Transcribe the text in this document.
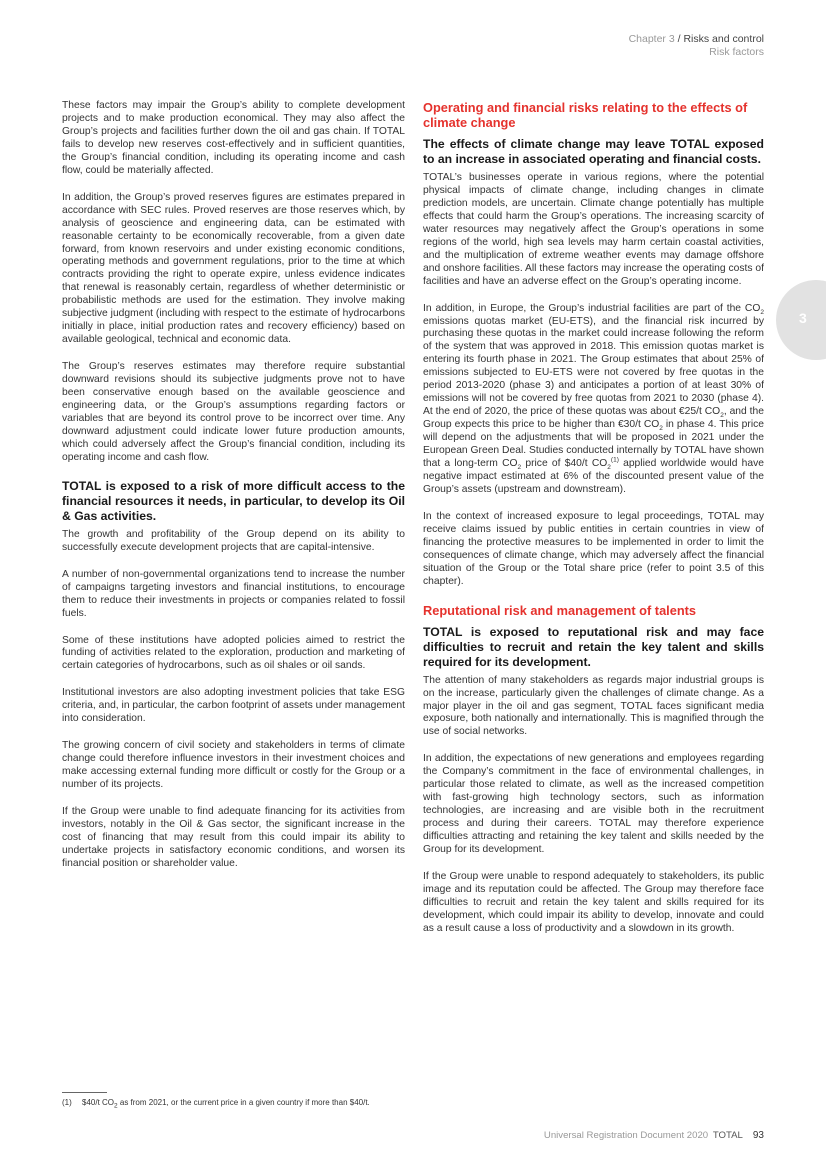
Chapter 3 / Risks and control
Risk factors
3

These factors may impair the Group’s ability to complete development projects and to make production economical. They may also affect the Group’s projects and facilities further down the oil and gas chain. If TOTAL fails to develop new reserves cost-effectively and in sufficient quantities, the Group’s financial condition, including its operating income and cash flow, could be materially affected.

In addition, the Group’s proved reserves figures are estimates prepared in accordance with SEC rules. Proved reserves are those reserves which, by analysis of geoscience and engineering data, can be estimated with reasonable certainty to be economically recoverable, from a given date forward, from known reservoirs and under existing economic conditions, operating methods and government regulations, prior to the time at which contracts providing the right to operate expire, unless evidence indicates that renewal is reasonably certain, regardless of whether deterministic or probabilistic methods are used for the estimation. They involve making subjective judgment (including with respect to the estimate of hydrocarbons initially in place, initial production rates and recovery efficiency) based on available geological, technical and economic data.

The Group’s reserves estimates may therefore require substantial downward revisions should its subjective judgments prove not to have been conservative enough based on the available geoscience and engineering data, or the Group’s assumptions regarding factors or variables that are beyond its control prove to be incorrect over time. Any downward adjustment could indicate lower future production amounts, which could adversely affect the Group’s financial condition, including its operating income and cash flow.

TOTAL is exposed to a risk of more difficult access to the financial resources it needs, in particular, to develop its Oil & Gas activities.

The growth and profitability of the Group depend on its ability to successfully execute development projects that are capital-intensive.

A number of non-governmental organizations tend to increase the number of campaigns targeting investors and financial institutions, to encourage them to reduce their investments in projects or companies related to fossil fuels.

Some of these institutions have adopted policies aimed to restrict the funding of activities related to the exploration, production and marketing of certain categories of hydrocarbons, such as oil shales or oil sands.

Institutional investors are also adopting investment policies that take ESG criteria, and, in particular, the carbon footprint of assets under management into consideration.

The growing concern of civil society and stakeholders in terms of climate change could therefore influence investors in their investment choices and make accessing external funding more difficult or costly for the Group or a number of its projects.

If the Group were unable to find adequate financing for its activities from investors, notably in the Oil & Gas sector, the significant increase in the cost of financing that may result from this could impair its ability to undertake projects in satisfactory economic conditions, and worsen its financial position or shareholder value.

Operating and financial risks relating to the effects of climate change
The effects of climate change may leave TOTAL exposed to an increase in associated operating and financial costs.

TOTAL’s businesses operate in various regions, where the potential physical impacts of climate change, including changes in climate prediction models, are uncertain. Climate change potentially has multiple effects that could harm the Group’s operations. The increasing scarcity of water resources may negatively affect the Group’s operations in some regions of the world, high sea levels may harm certain coastal activities, and the multiplication of extreme weather events may damage offshore and onshore facilities. All these factors may increase the operating costs of facilities and have an adverse effect on the Group’s operating income.

In addition, in Europe, the Group’s industrial facilities are part of the $CO_2$ emissions quotas market (EU-ETS), and the financial risk incurred by purchasing these quotas in the market could increase following the reform of the system that was approved in 2018. This emission quotas market is entering its fourth phase in 2021. The Group estimates that about 25% of emissions subjected to EU-ETS were not covered by free quotas in the period 2013-2020 (phase 3) and anticipates a portion of at least 30% of emissions will not be covered by free quotas from 2021 to 2030 (phase 4). At the end of 2020, the price of these quotas was about €25/t $CO_2$, and the Group expects this price to be higher than €30/t $CO_2$ in phase 4. This price will depend on the adjustments that will be proposed in 2021 under the European Green Deal. Studies conducted internally by TOTAL have shown that a long-term $CO_2$ price of $40/t $CO_2^{(1)}$ applied worldwide would have negative impact estimated at 6% of the discounted present value of the Group’s assets (upstream and downstream).

In the context of increased exposure to legal proceedings, TOTAL may receive claims issued by public entities in certain countries in view of financing the protective measures to be implemented in order to limit the consequences of climate change, which may adversely affect the financial situation of the Group or the Total share price (refer to point 3.5 of this chapter).

Reputational risk and management of talents
TOTAL is exposed to reputational risk and may face difficulties to recruit and retain the key talent and skills required for its development.

The attention of many stakeholders as regards major industrial groups is on the increase, particularly given the challenges of climate change. As a major player in the oil and gas segment, TOTAL faces significant media exposure, both nationally and internationally. This is magnified through the use of social networks.

In addition, the expectations of new generations and employees regarding the Company’s commitment in the face of environmental challenges, in particular those related to climate, as well as the increased competition with fast-growing high technology sectors, such as information technologies, are increasing and are visible both in the recruitment process and during their careers. TOTAL may therefore experience difficulties attracting and retaining the key talent and skills needed by the Group for its development.

If the Group were unable to respond adequately to stakeholders, its public image and its reputation could be affected. The Group may therefore face difficulties to recruit and retain the key talent and skills required for its development, which could impair its ability to develop, innovate and could as a result cause a loss of productivity and a slowdown in its growth.

(1) $40/t $CO_2$ as from 2021, or the current price in a given country if more than $40/t.
Universal Registration Document 2020 TOTAL 93
